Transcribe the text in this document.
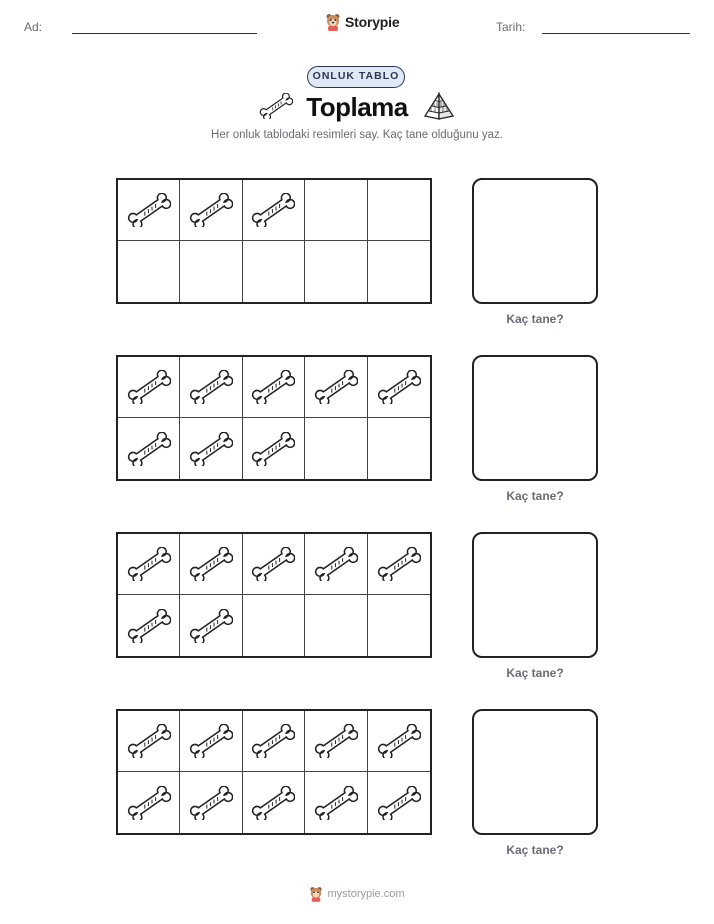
Ad:	Storypie	Tarih:
ONLUK TABLO
Toplama
Her onluk tablodaki resimleri say. Kaç tane olduğunu yaz.
Kaç tane?
Kaç tane?
Kaç tane?
Kaç tane?
mystorypie.com
